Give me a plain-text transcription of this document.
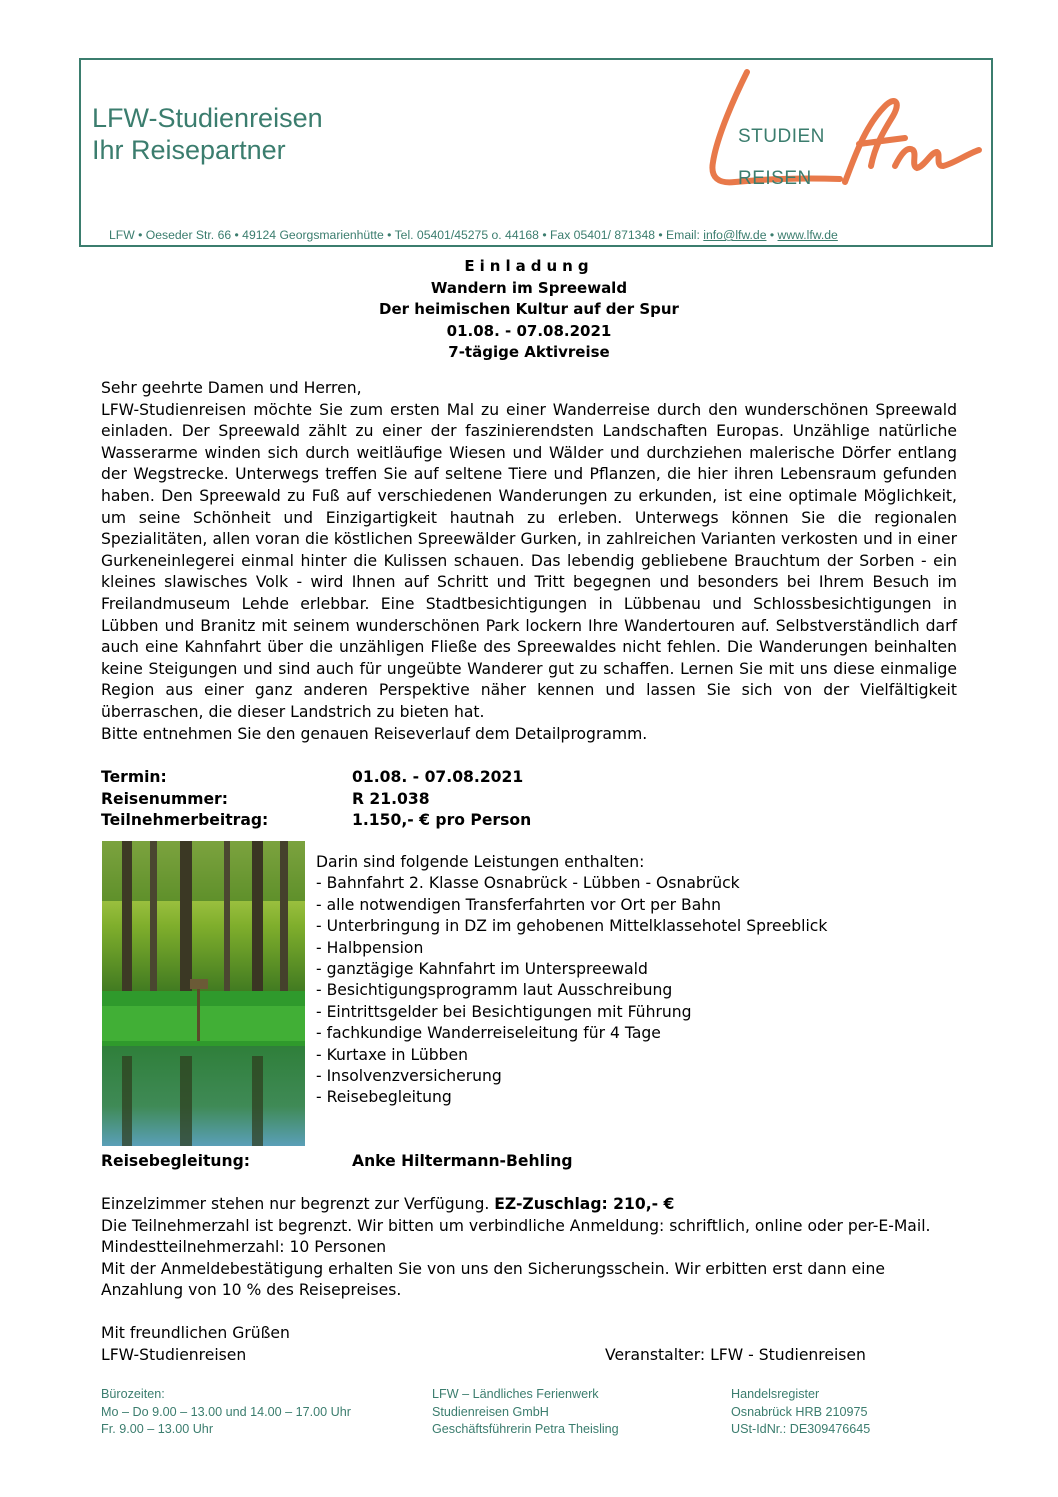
LFW-Studienreisen
Ihr Reisepartner	STUDIEN
REISEN
LFW • Oeseder Str. 66 • 49124 Georgsmarienhütte • Tel. 05401/45275 o. 44168 • Fax 05401/ 871348 • Email: info@lfw.de • www.lfw.de
Einladung
Wandern im Spreewald
Der heimischen Kultur auf der Spur
01.08. - 07.08.2021
7-tägige Aktivreise

Sehr geehrte Damen und Herren,

LFW-Studienreisen möchte Sie zum ersten Mal zu einer Wanderreise durch den wunderschönen Spreewald einladen. Der Spreewald zählt zu einer der faszinierendsten Landschaften Europas. Unzählige natürliche Wasserarme winden sich durch weitläufige Wiesen und Wälder und durchziehen malerische Dörfer entlang der Wegstrecke. Unterwegs treffen Sie auf seltene Tiere und Pflanzen, die hier ihren Lebensraum gefunden haben. Den Spreewald zu Fuß auf verschiedenen Wanderungen zu erkunden, ist eine optimale Möglichkeit, um seine Schönheit und Einzigartigkeit hautnah zu erleben. Unterwegs können Sie die regionalen Spezialitäten, allen voran die köstlichen Spreewälder Gurken, in zahlreichen Varianten verkosten und in einer Gurkeneinlegerei einmal hinter die Kulissen schauen. Das lebendig gebliebene Brauchtum der Sorben - ein kleines slawisches Volk - wird Ihnen auf Schritt und Tritt begegnen und besonders bei Ihrem Besuch im Freilandmuseum Lehde erlebbar. Eine Stadtbesichtigungen in Lübbenau und Schlossbesichtigungen in Lübben und Branitz mit seinem wunderschönen Park lockern Ihre Wandertouren auf. Selbstverständlich darf auch eine Kahnfahrt über die unzähligen Fließe des Spreewaldes nicht fehlen. Die Wanderungen beinhalten keine Steigungen und sind auch für ungeübte Wanderer gut zu schaffen. Lernen Sie mit uns diese einmalige Region aus einer ganz anderen Perspektive näher kennen und lassen Sie sich von der Vielfältigkeit überraschen, die dieser Landstrich zu bieten hat.

Bitte entnehmen Sie den genauen Reiseverlauf dem Detailprogramm.

Termin:	01.08. - 07.08.2021
Reisenummer:	R 21.038
Teilnehmerbeitrag:	1.150,- € pro Person
Darin sind folgende Leistungen enthalten:
- Bahnfahrt 2. Klasse Osnabrück - Lübben - Osnabrück
- alle notwendigen Transferfahrten vor Ort per Bahn
- Unterbringung in DZ im gehobenen Mittelklassehotel Spreeblick
- Halbpension
- ganztägige Kahnfahrt im Unterspreewald
- Besichtigungsprogramm laut Ausschreibung
- Eintrittsgelder bei Besichtigungen mit Führung
- fachkundige Wanderreiseleitung für 4 Tage
- Kurtaxe in Lübben
- Insolvenzversicherung
- Reisebegleitung
Reisebegleitung:	Anke Hiltermann-Behling
Einzelzimmer stehen nur begrenzt zur Verfügung. EZ-Zuschlag: 210,- €
Die Teilnehmerzahl ist begrenzt. Wir bitten um verbindliche Anmeldung: schriftlich, online oder per-E-Mail.
Mindestteilnehmerzahl: 10 Personen
Mit der Anmeldebestätigung erhalten Sie von uns den Sicherungsschein. Wir erbitten erst dann eine
Anzahlung von 10 % des Reisepreises.
Mit freundlichen Grüßen
LFW-Studienreisen	Veranstalter: LFW - Studienreisen
Bürozeiten:
Mo – Do 9.00 – 13.00 und 14.00 – 17.00 Uhr
Fr. 9.00 – 13.00 Uhr
LFW – Ländliches Ferienwerk
Studienreisen GmbH
Geschäftsführerin Petra Theisling
Handelsregister
Osnabrück HRB 210975
USt-IdNr.: DE309476645
